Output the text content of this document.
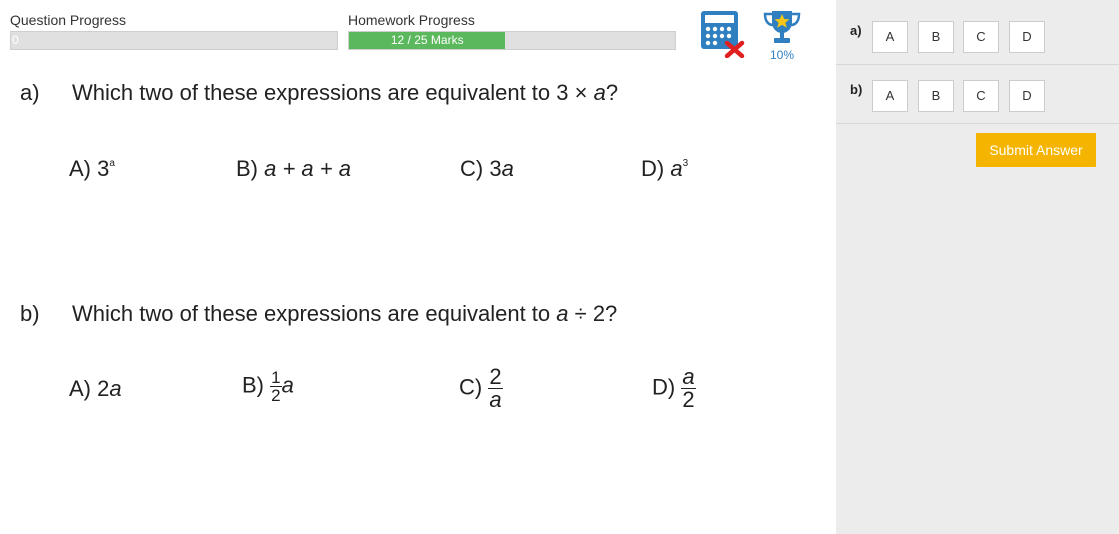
Question Progress
0
Homework Progress
12 / 25 Marks
10%
a) Which two of these expressions are equivalent to 3 × a?
A) 3$^a$	B) a + a + a	C) 3a	D) $a^3$
b) Which two of these expressions are equivalent to a ÷ 2?
A) 2a	$B) \frac{1}{2}$ a	$C) \frac{2}{a}$	$D) \frac{a}{2}$
a)	A	B	C	D
b)	A	B	C	D
Submit Answer
